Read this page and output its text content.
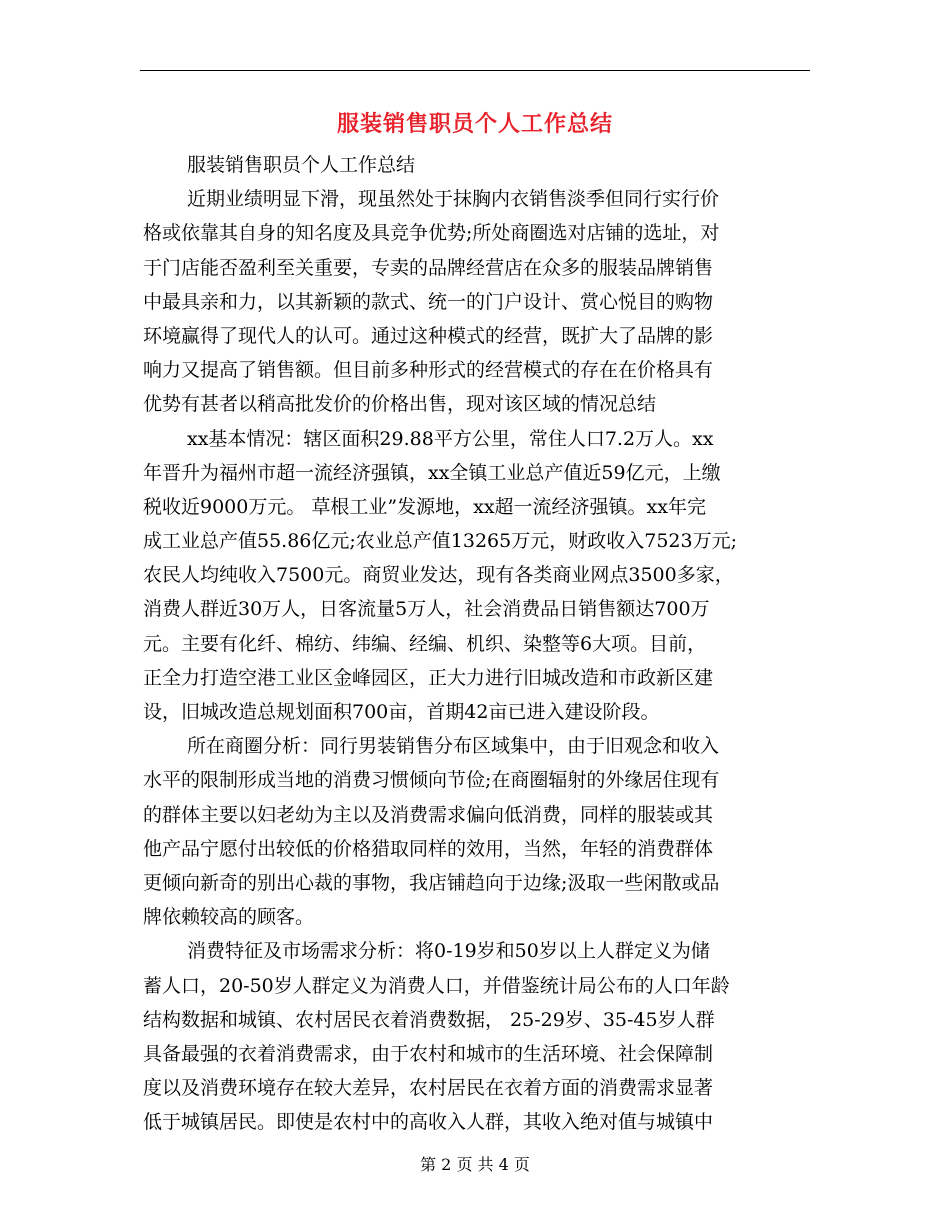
服装销售职员个人工作总结
服装销售职员个人工作总结
近期业绩明显下滑，现虽然处于抹胸内衣销售淡季但同行实行价
格或依靠其自身的知名度及具竞争优势;所处商圈选对店铺的选址，对
于门店能否盈利至关重要，专卖的品牌经营店在众多的服装品牌销售
中最具亲和力，以其新颖的款式、统一的门户设计、赏心悦目的购物
环境赢得了现代人的认可。通过这种模式的经营，既扩大了品牌的影
响力又提高了销售额。但目前多种形式的经营模式的存在在价格具有
优势有甚者以稍高批发价的价格出售，现对该区域的情况总结
xx基本情况：辖区面积29.88平方公里，常住人口7.2万人。xx
年晋升为福州市超一流经济强镇，xx全镇工业总产值近59亿元，上缴
税收近9000万元。 草根工业”发源地，xx超一流经济强镇。xx年完
成工业总产值55.86亿元;农业总产值13265万元，财政收入7523万元;
农民人均纯收入7500元。商贸业发达，现有各类商业网点3500多家，
消费人群近30万人，日客流量5万人，社会消费品日销售额达700万
元。主要有化纤、棉纺、纬编、经编、机织、染整等6大项。目前，
正全力打造空港工业区金峰园区，正大力进行旧城改造和市政新区建
设，旧城改造总规划面积700亩，首期42亩已进入建设阶段。
所在商圈分析：同行男装销售分布区域集中，由于旧观念和收入
水平的限制形成当地的消费习惯倾向节俭;在商圈辐射的外缘居住现有
的群体主要以妇老幼为主以及消费需求偏向低消费，同样的服装或其
他产品宁愿付出较低的价格猎取同样的效用，当然，年轻的消费群体
更倾向新奇的别出心裁的事物，我店铺趋向于边缘;汲取一些闲散或品
牌依赖较高的顾客。
消费特征及市场需求分析：将0-19岁和50岁以上人群定义为储
蓄人口，20-50岁人群定义为消费人口，并借鉴统计局公布的人口年龄
结构数据和城镇、农村居民衣着消费数据， 25-29岁、35-45岁人群
具备最强的衣着消费需求，由于农村和城市的生活环境、社会保障制
度以及消费环境存在较大差异，农村居民在衣着方面的消费需求显著
低于城镇居民。即使是农村中的高收入人群，其收入绝对值与城镇中
第 2 页 共 4 页
